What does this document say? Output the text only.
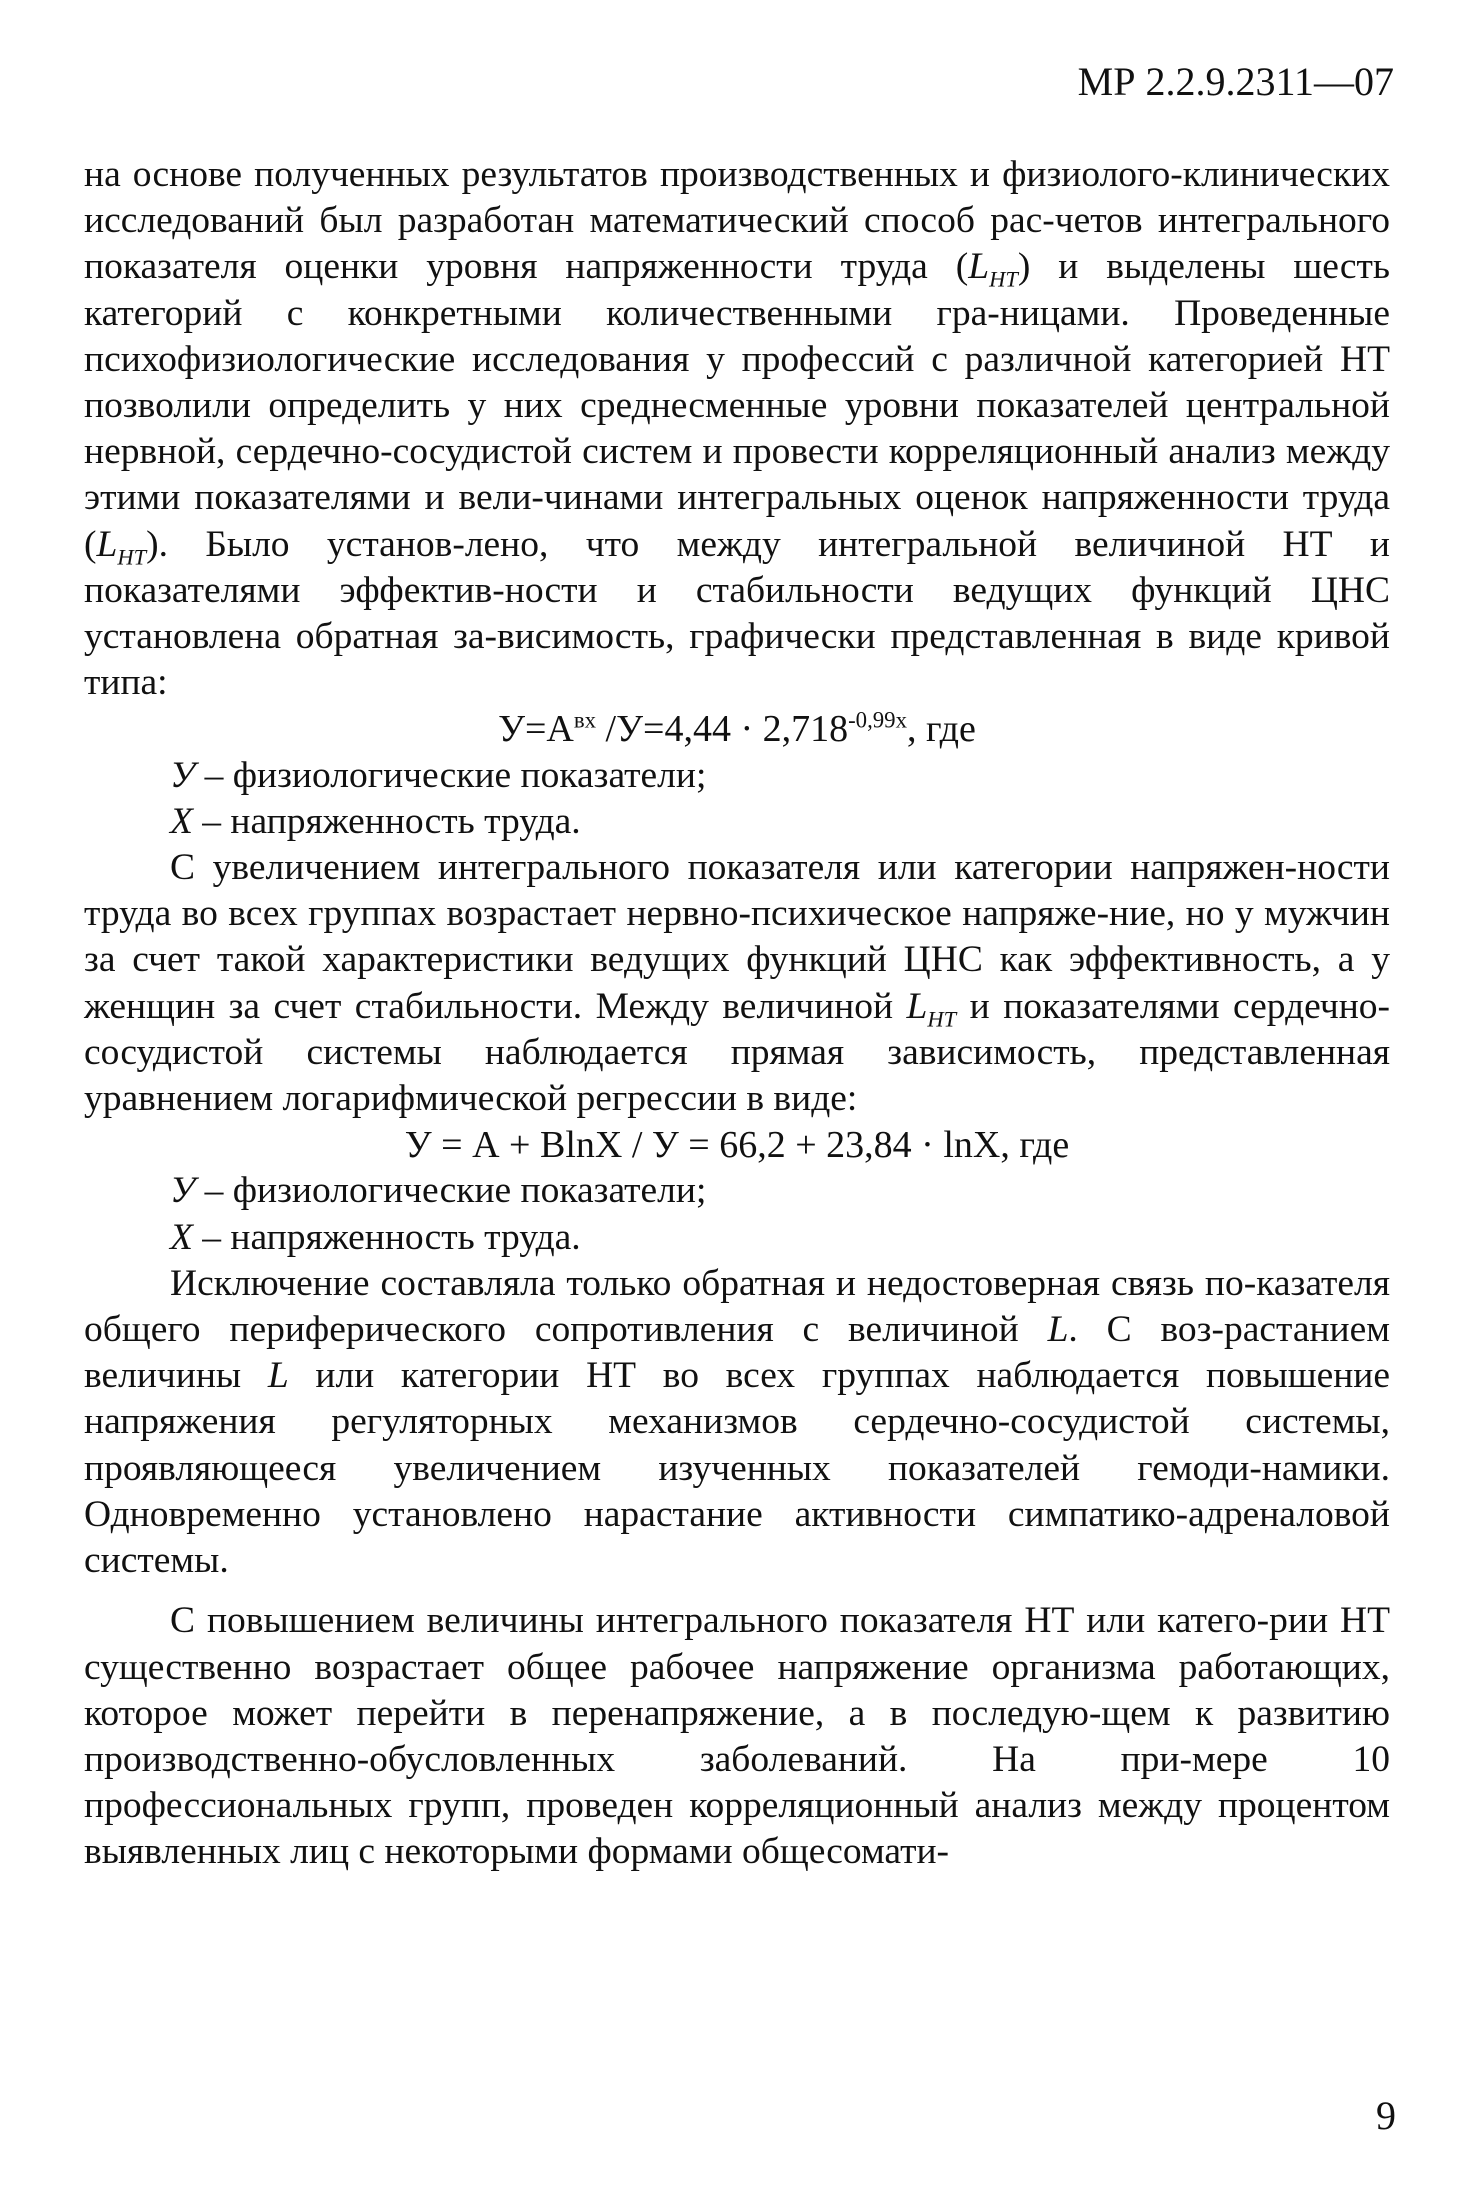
МР 2.2.9.2311—07

на основе полученных результатов производственных и физиолого-клинических исследований был разработан математический способ рас-четов интегрального показателя оценки уровня напряженности труда $(L_{НТ})$ и выделены шесть категорий с конкретными количественными гра-ницами. Проведенные психофизиологические исследования у профессий с различной категорией НТ позволили определить у них среднесменные уровни показателей центральной нервной, сердечно-сосудистой систем и провести корреляционный анализ между этими показателями и вели-чинами интегральных оценок напряженности труда $(L_{НТ})$. Было установ-лено, что между интегральной величиной НТ и показателями эффектив-ности и стабильности ведущих функций ЦНС установлена обратная за-висимость, графически представленная в виде кривой типа:

$У=А^{вх}$ $/У=4,44 \cdot 2,718^{-0,99х}$, где

У – физиологические показатели;

Х – напряженность труда.

С увеличением интегрального показателя или категории напряжен-ности труда во всех группах возрастает нервно-психическое напряже-ние, но у мужчин за счет такой характеристики ведущих функций ЦНС как эффективность, а у женщин за счет стабильности. Между величиной $L_{НТ}$ и показателями сердечно-сосудистой системы наблюдается прямая зависимость, представленная уравнением логарифмической регрессии в виде:

У = А + BlnX / У = 66,2 + 23,84 · lnX, где

У – физиологические показатели;

Х – напряженность труда.

Исключение составляла только обратная и недостоверная связь по-казателя общего периферического сопротивления с величиной L. С воз-растанием величины L или категории НТ во всех группах наблюдается повышение напряжения регуляторных механизмов сердечно-сосудистой системы, проявляющееся увеличением изученных показателей гемоди-намики. Одновременно установлено нарастание активности симпатико-адреналовой системы.

С повышением величины интегрального показателя НТ или катего-рии НТ существенно возрастает общее рабочее напряжение организма работающих, которое может перейти в перенапряжение, а в последую-щем к развитию производственно-обусловленных заболеваний. На при-мере 10 профессиональных групп, проведен корреляционный анализ между процентом выявленных лиц с некоторыми формами общесомати-

9
